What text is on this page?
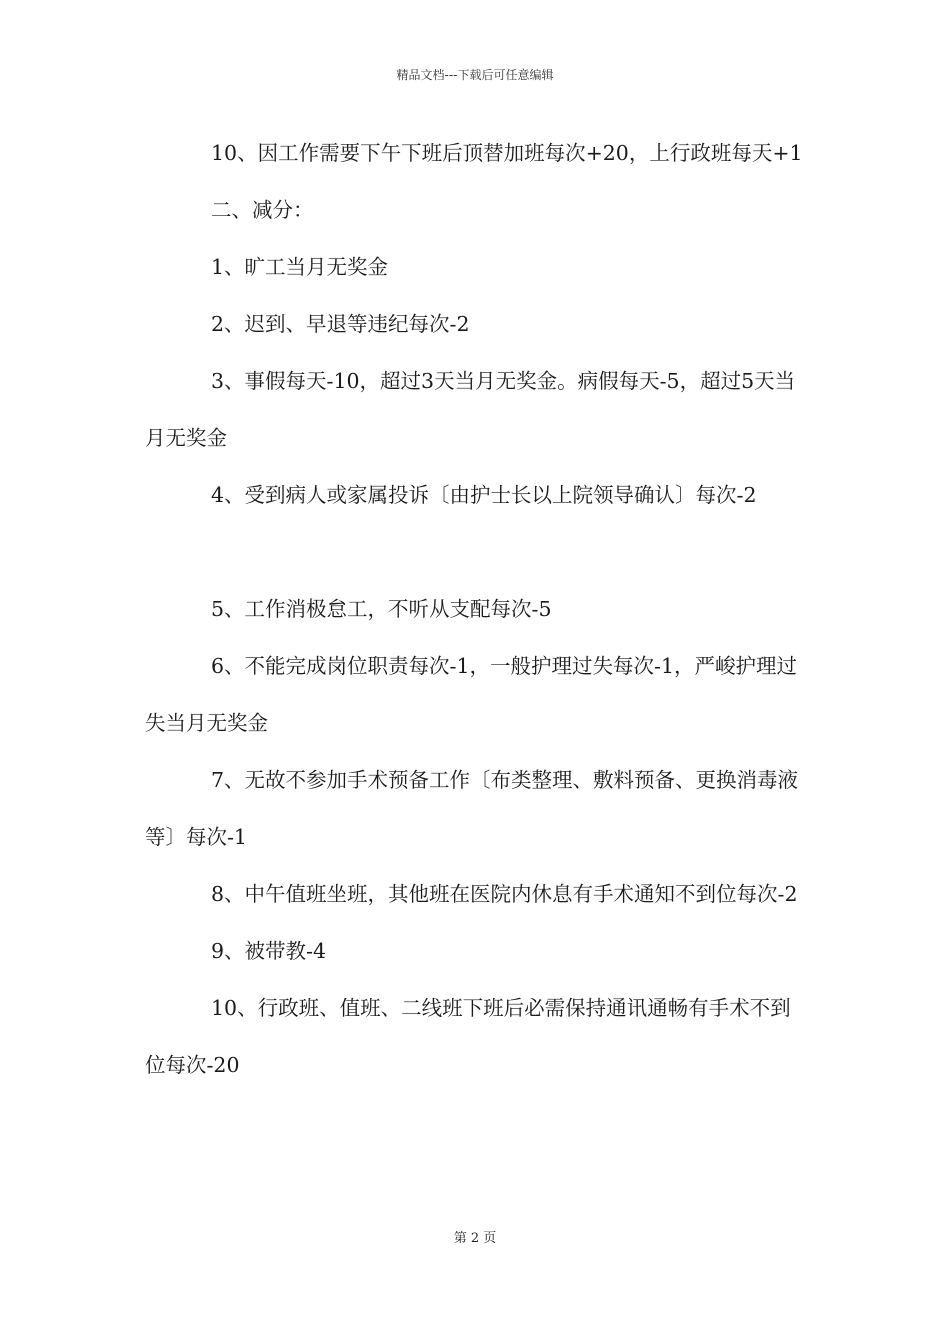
精品文档---下载后可任意编辑

10、因工作需要下午下班后顶替加班每次+20，上行政班每天+1

二、减分：

1、旷工当月无奖金

2、迟到、早退等违纪每次-2

3、事假每天-10，超过3天当月无奖金。病假每天-5，超过5天当月无奖金

4、受到病人或家属投诉〔由护士长以上院领导确认〕每次-2

5、工作消极怠工，不听从支配每次-5

6、不能完成岗位职责每次-1，一般护理过失每次-1，严峻护理过失当月无奖金

7、无故不参加手术预备工作〔布类整理、敷料预备、更换消毒液等〕每次-1

8、中午值班坐班，其他班在医院内休息有手术通知不到位每次-2

9、被带教-4

10、行政班、值班、二线班下班后必需保持通讯通畅有手术不到位每次-20

第 2 页
